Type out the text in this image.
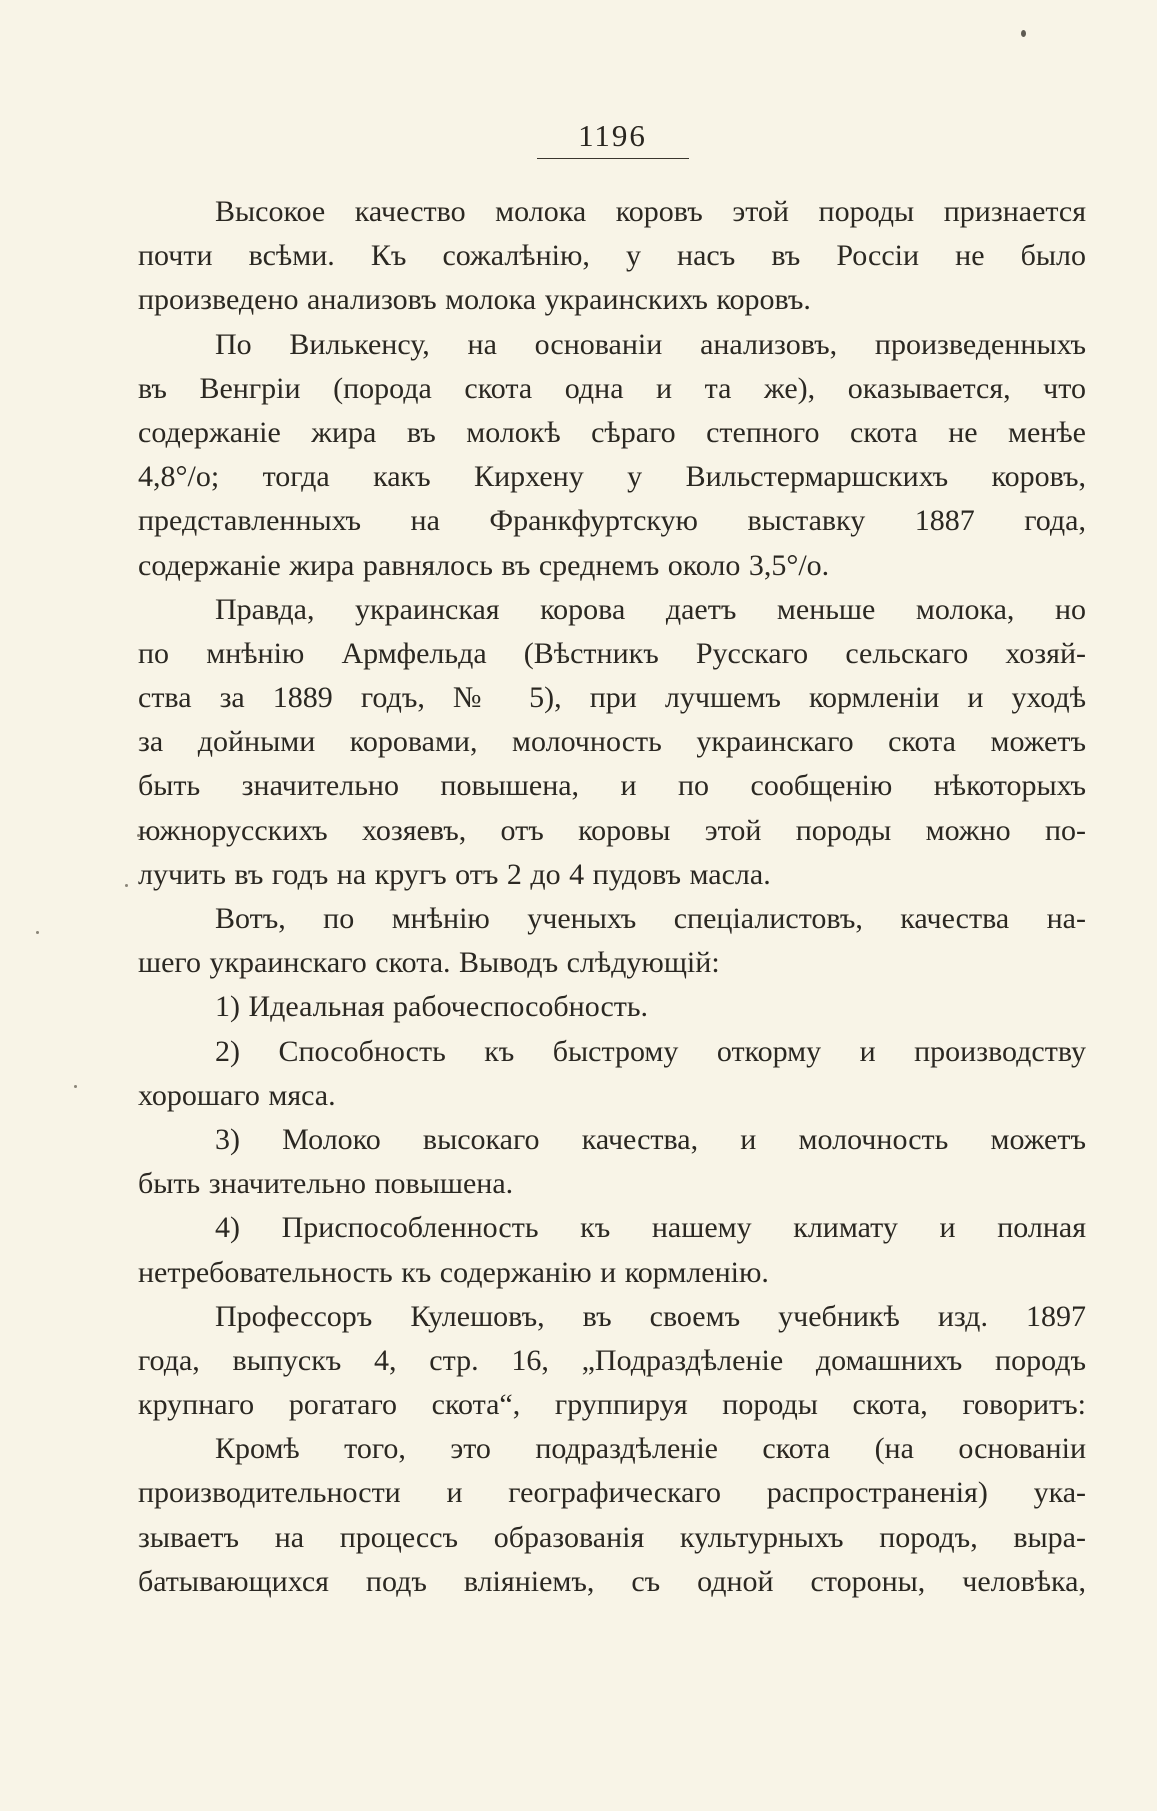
1196
Высокое качество молока коровъ этой породы признается
почти всѣми. Къ сожалѣнію, у насъ въ Россіи не было
произведено анализовъ молока украинскихъ коровъ.
По Вилькенсу, на основаніи анализовъ, произведенныхъ
въ Венгріи (порода скота одна и та же), оказывается, что
содержаніе жира въ молокѣ сѣраго степного скота не менѣе
4,8°/о; тогда какъ Кирхену у Вильстермаршскихъ коровъ,
представленныхъ на Франкфуртскую выставку 1887 года,
содержаніе жира равнялось въ среднемъ около 3,5°/о.
Правда, украинская корова даетъ меньше молока, но
по мнѣнію Армфельда (Вѣстникъ Русскаго сельскаго хозяй-
ства за 1889 годъ, № 5), при лучшемъ кормленіи и уходѣ
за дойными коровами, молочность украинскаго скота можетъ
быть значительно повышена, и по сообщенію нѣкоторыхъ
южнорусскихъ хозяевъ, отъ коровы этой породы можно по-
лучить въ годъ на кругъ отъ 2 до 4 пудовъ масла.
Вотъ, по мнѣнію ученыхъ спеціалистовъ, качества на-
шего украинскаго скота. Выводъ слѣдующій:
1) Идеальная рабочеспособность.
2) Способность къ быстрому откорму и производству
хорошаго мяса.
3) Молоко высокаго качества, и молочность можетъ
быть значительно повышена.
4) Приспособленность къ нашему климату и полная
нетребовательность къ содержанію и кормленію.
Профессоръ Кулешовъ, въ своемъ учебникѣ изд. 1897
года, выпускъ 4, стр. 16, „Подраздѣленіе домашнихъ породъ
крупнаго рогатаго скота“, группируя породы скота, говоритъ:
Кромѣ того, это подраздѣленіе скота (на основаніи
производительности и географическаго распространенія) ука-
зываетъ на процессъ образованія культурныхъ породъ, выра-
батывающихся подъ вліяніемъ, съ одной стороны, человѣка,
